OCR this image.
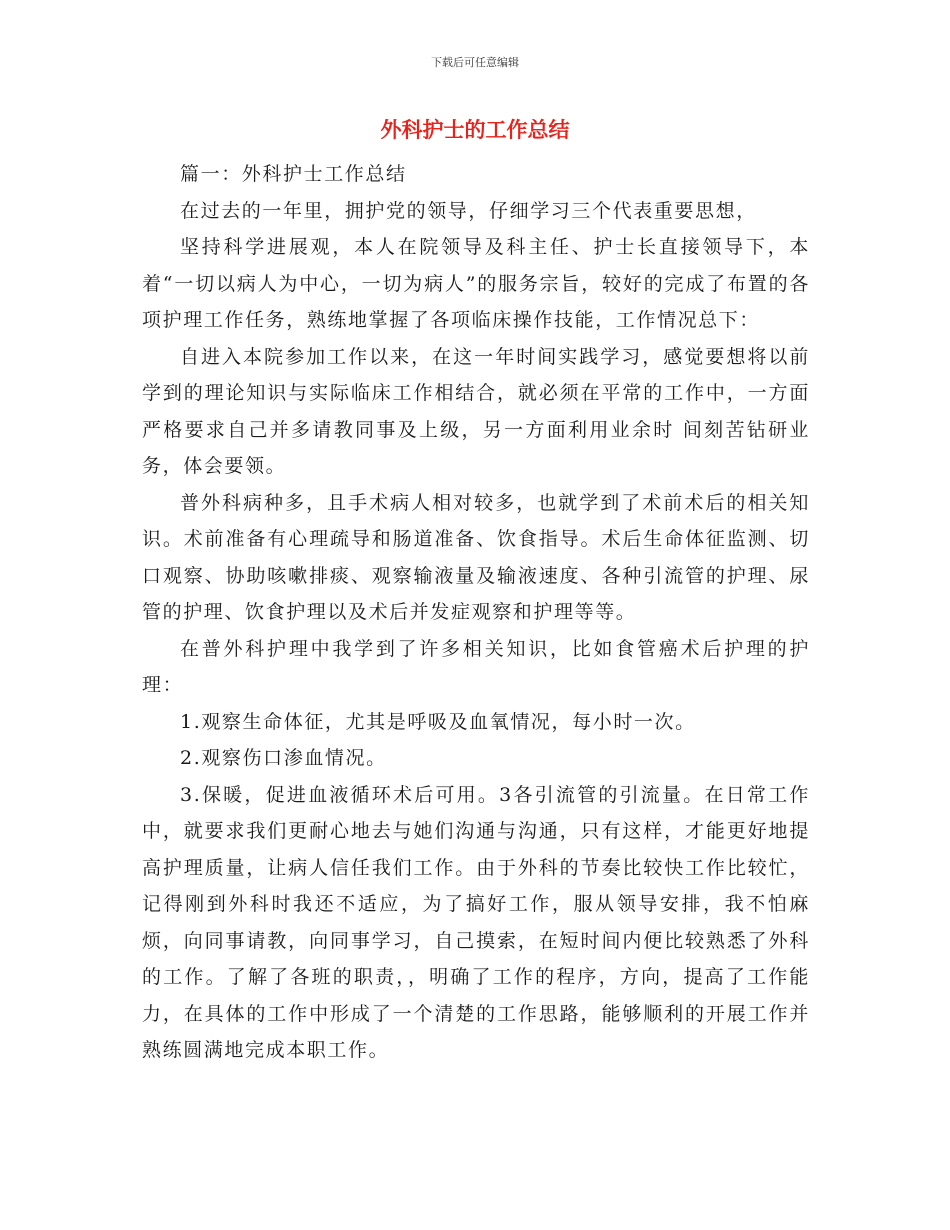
下载后可任意编辑
外科护士的工作总结

篇一：外科护士工作总结

在过去的一年里，拥护党的领导，仔细学习三个代表重要思想，

坚持科学进展观，本人在院领导及科主任、护士长直接领导下，本着“一切以病人为中心，一切为病人”的服务宗旨，较好的完成了布置的各项护理工作任务，熟练地掌握了各项临床操作技能，工作情况总下：

自进入本院参加工作以来，在这一年时间实践学习，感觉要想将以前学到的理论知识与实际临床工作相结合，就必须在平常的工作中，一方面严格要求自己并多请教同事及上级，另一方面利用业余时 间刻苦钻研业务，体会要领。

普外科病种多，且手术病人相对较多，也就学到了术前术后的相关知识。术前准备有心理疏导和肠道准备、饮食指导。术后生命体征监测、切口观察、协助咳嗽排痰、观察输液量及输液速度、各种引流管的护理、尿管的护理、饮食护理以及术后并发症观察和护理等等。

在普外科护理中我学到了许多相关知识，比如食管癌术后护理的护理：

1.观察生命体征，尤其是呼吸及血氧情况，每小时一次。

2.观察伤口渗血情况。

3.保暖，促进血液循环术后可用。3各引流管的引流量。在日常工作中，就要求我们更耐心地去与她们沟通与沟通，只有这样，才能更好地提高护理质量，让病人信任我们工作。由于外科的节奏比较快工作比较忙，记得刚到外科时我还不适应，为了搞好工作，服从领导安排，我不怕麻烦，向同事请教，向同事学习，自己摸索，在短时间内便比较熟悉了外科的工作。了解了各班的职责，，明确了工作的程序，方向，提高了工作能力，在具体的工作中形成了一个清楚的工作思路，能够顺利的开展工作并熟练圆满地完成本职工作。
